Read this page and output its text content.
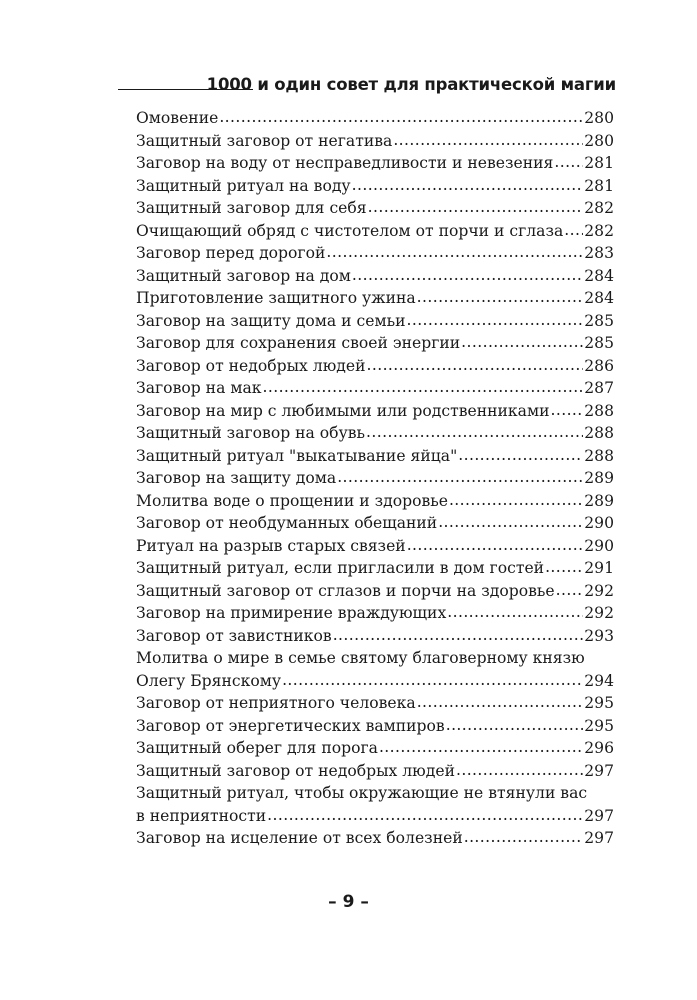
1000 и один совет для практической магии
Омовение .....	280
Защитный заговор от негатива .....	280
Заговор на воду от несправедливости и невезения ..... 281
Защитный ритуал на воду .....	281
Защитный заговор для себя .....	282
Очищающий обряд с чистотелом от порчи и сглаза ..... 282
Заговор перед дорогой .....	283
Защитный заговор на дом .....	284
Приготовление защитного ужина .....	284
Заговор на защиту дома и семьи .....	285
Заговор для сохранения своей энергии .....	285
Заговор от недобрых людей .....	286
Заговор на мак .....	287
Заговор на мир с любимыми или родственниками ..... 288
Защитный заговор на обувь .....	288
Защитный ритуал "выкатывание яйца" .....	288
Заговор на защиту дома .....	289
Молитва воде о прощении и здоровье .....	289
Заговор от необдуманных обещаний .....	290
Ритуал на разрыв старых связей .....	290
Защитный ритуал, если пригласили в дом гостей .....	291
Защитный заговор от сглазов и порчи на здоровье ..... 292
Заговор на примирение враждующих .....	292
Заговор от завистников .....	293
Молитва о мире в семье святому благоверному князю
Олегу Брянскому .....	294
Заговор от неприятного человека .....	295
Заговор от энергетических вампиров .....	295
Защитный оберег для порога .....	296
Защитный заговор от недобрых людей .....	297
Защитный ритуал, чтобы окружающие не втянули вас
в неприятности .....	297
Заговор на исцеление от всех болезней .....	297
– 9 –
